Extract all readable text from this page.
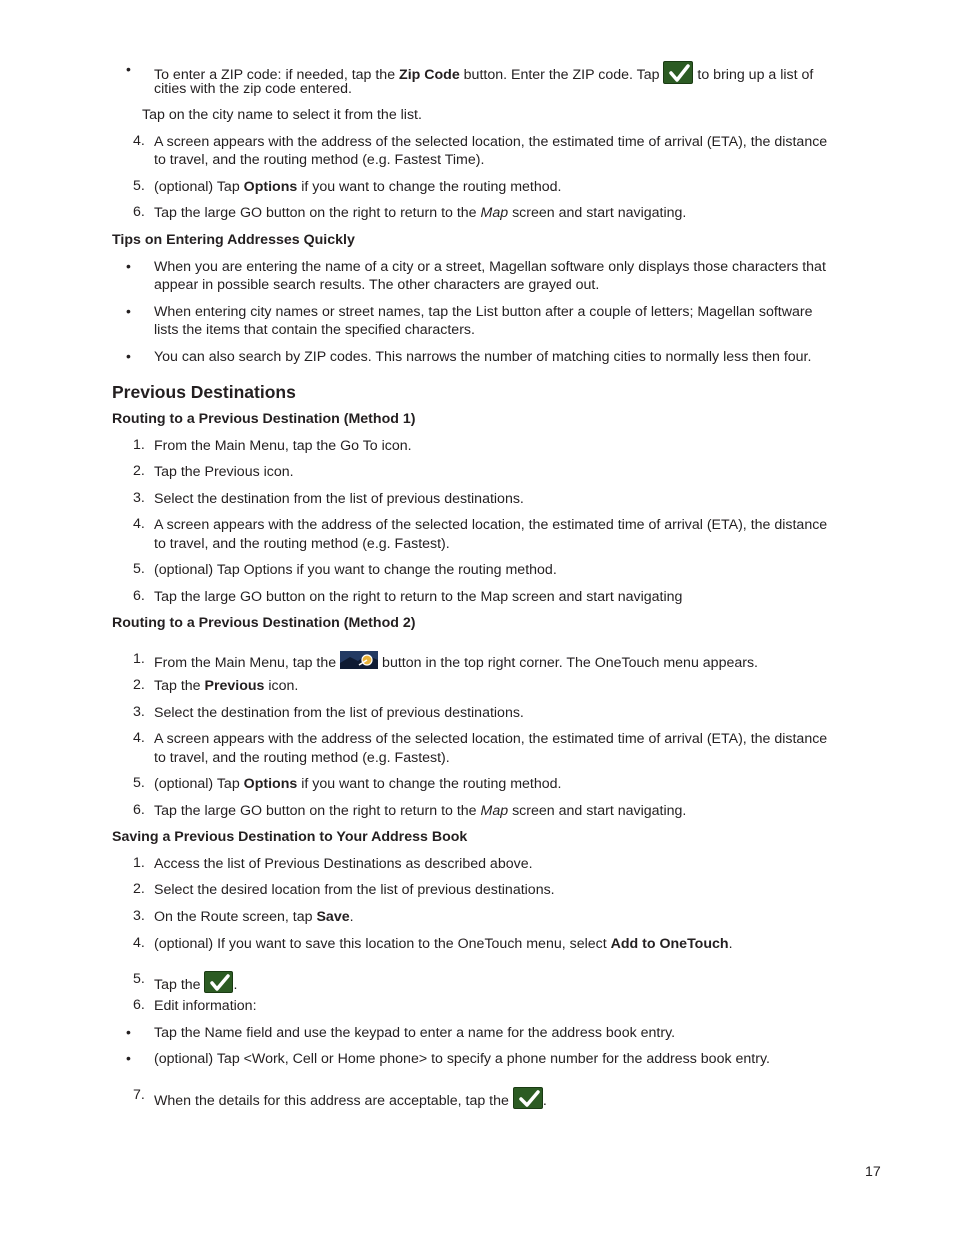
• To enter a ZIP code: if needed, tap the Zip Code button. Enter the ZIP code. Tap
to bring up a list of
cities with the zip code entered.
Tap on the city name to select it from the list.
4. A screen appears with the address of the selected location, the estimated time of arrival (ETA), the distance
to travel, and the routing method (e.g. Fastest Time).
5. (optional) Tap Options if you want to change the routing method.
6. Tap the large GO button on the right to return to the Map screen and start navigating.
Tips on Entering Addresses Quickly
• When you are entering the name of a city or a street, Magellan software only displays those characters that
appear in possible search results. The other characters are grayed out.
• When entering city names or street names, tap the List button after a couple of letters; Magellan software
lists the items that contain the specified characters.
• You can also search by ZIP codes. This narrows the number of matching cities to normally less then four.
Previous Destinations
Routing to a Previous Destination (Method 1)
1. From the Main Menu, tap the Go To icon.
2. Tap the Previous icon.
3. Select the destination from the list of previous destinations.
4. A screen appears with the address of the selected location, the estimated time of arrival (ETA), the distance
to travel, and the routing method (e.g. Fastest).
5. (optional) Tap Options if you want to change the routing method.
6. Tap the large GO button on the right to return to the Map screen and start navigating
Routing to a Previous Destination (Method 2)
1. From the Main Menu, tap the	button in the top right corner. The OneTouch menu appears.
2. Tap the Previous icon.
3. Select the destination from the list of previous destinations.
4. A screen appears with the address of the selected location, the estimated time of arrival (ETA), the distance
to travel, and the routing method (e.g. Fastest).
5. (optional) Tap Options if you want to change the routing method.
6. Tap the large GO button on the right to return to the Map screen and start navigating.
Saving a Previous Destination to Your Address Book
1. Access the list of Previous Destinations as described above.
2. Select the desired location from the list of previous destinations.
3. On the Route screen, tap Save.
4. (optional) If you want to save this location to the OneTouch menu, select Add to OneTouch.
5. Tap the
.
6. Edit information:
• Tap the Name field and use the keypad to enter a name for the address book entry.
• (optional) Tap <Work, Cell or Home phone> to specify a phone number for the address book entry.
7. When the details for this address are acceptable, tap the
.
17
